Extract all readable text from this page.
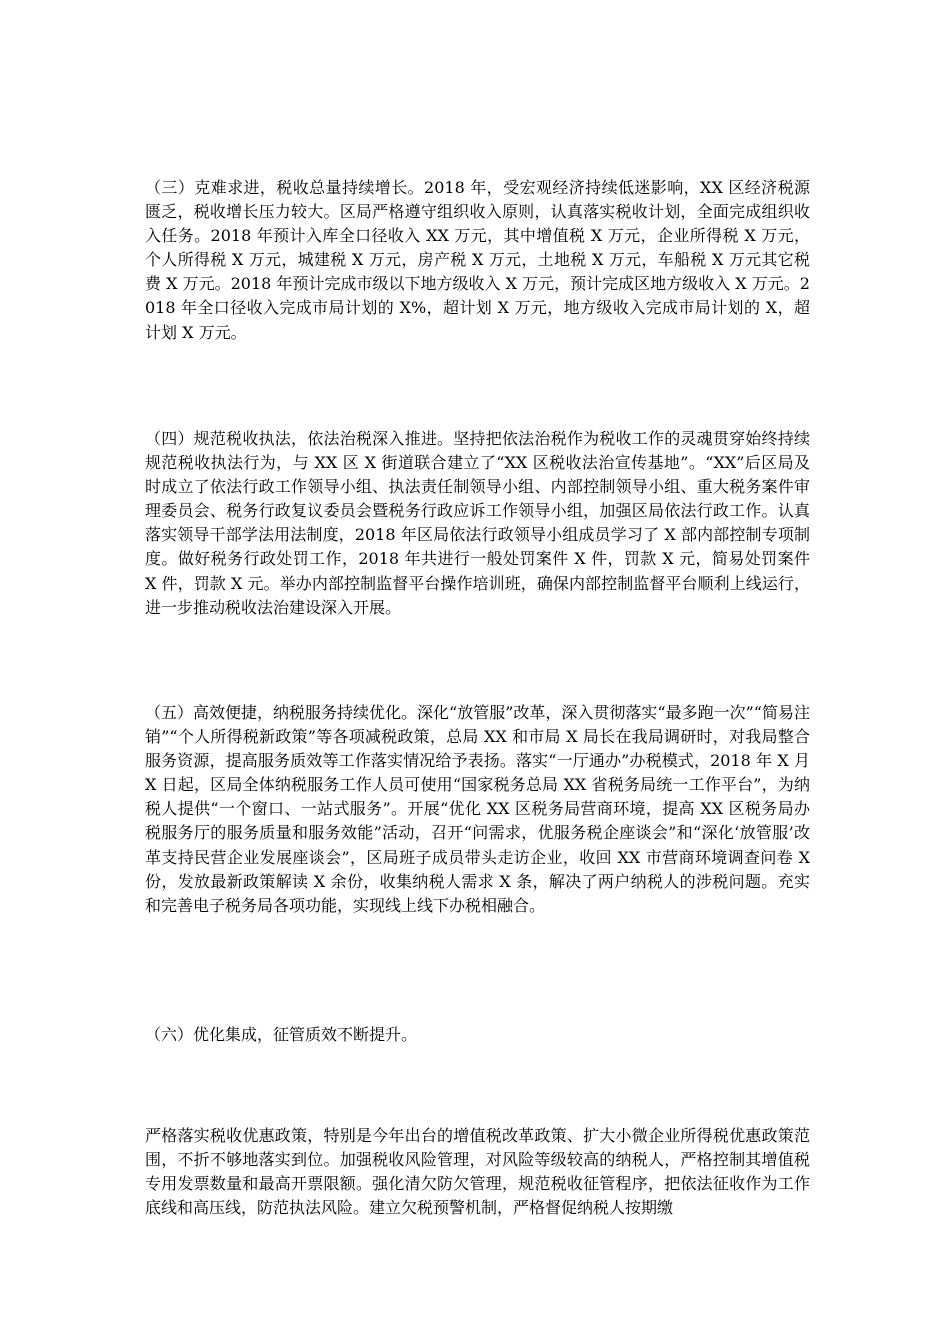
（三）克难求进，税收总量持续增长。2018 年，受宏观经济持续低迷影响，XX 区经济税源匮乏，税收增长压力较大。区局严格遵守组织收入原则，认真落实税收计划，全面完成组织收入任务。2018 年预计入库全口径收入 XX 万元，其中增值税 X 万元，企业所得税 X 万元，个人所得税 X 万元，城建税 X 万元，房产税 X 万元，土地税 X 万元，车船税 X 万元其它税费 X 万元。2018 年预计完成市级以下地方级收入 X 万元，预计完成区地方级收入 X 万元。2018 年全口径收入完成市局计划的 X%，超计划 X 万元，地方级收入完成市局计划的 X，超计划 X 万元。

（四）规范税收执法，依法治税深入推进。坚持把依法治税作为税收工作的灵魂贯穿始终持续规范税收执法行为，与 XX 区 X 街道联合建立了“XX 区税收法治宣传基地”。“XX”后区局及时成立了依法行政工作领导小组、执法责任制领导小组、内部控制领导小组、重大税务案件审理委员会、税务行政复议委员会暨税务行政应诉工作领导小组，加强区局依法行政工作。认真落实领导干部学法用法制度，2018 年区局依法行政领导小组成员学习了 X 部内部控制专项制度。做好税务行政处罚工作，2018 年共进行一般处罚案件 X 件，罚款 X 元，简易处罚案件 X 件，罚款 X 元。举办内部控制监督平台操作培训班，确保内部控制监督平台顺利上线运行，进一步推动税收法治建设深入开展。

（五）高效便捷，纳税服务持续优化。深化“放管服”改革，深入贯彻落实“最多跑一次”“简易注销”“个人所得税新政策”等各项减税政策，总局 XX 和市局 X 局长在我局调研时，对我局整合服务资源，提高服务质效等工作落实情况给予表扬。落实“一厅通办”办税模式，2018 年 X 月 X 日起，区局全体纳税服务工作人员可使用“国家税务总局 XX 省税务局统一工作平台”，为纳税人提供“一个窗口、一站式服务”。开展“优化 XX 区税务局营商环境，提高 XX 区税务局办税服务厅的服务质量和服务效能”活动，召开“问需求，优服务税企座谈会”和“深化‘放管服’改革支持民营企业发展座谈会”，区局班子成员带头走访企业，收回 XX 市营商环境调查问卷 X 份，发放最新政策解读 X 余份，收集纳税人需求 X 条，解决了两户纳税人的涉税问题。充实和完善电子税务局各项功能，实现线上线下办税相融合。

（六）优化集成，征管质效不断提升。

严格落实税收优惠政策，特别是今年出台的增值税改革政策、扩大小微企业所得税优惠政策范围，不折不够地落实到位。加强税收风险管理，对风险等级较高的纳税人，严格控制其增值税专用发票数量和最高开票限额。强化清欠防欠管理，规范税收征管程序，把依法征收作为工作底线和高压线，防范执法风险。建立欠税预警机制，严格督促纳税人按期缴
